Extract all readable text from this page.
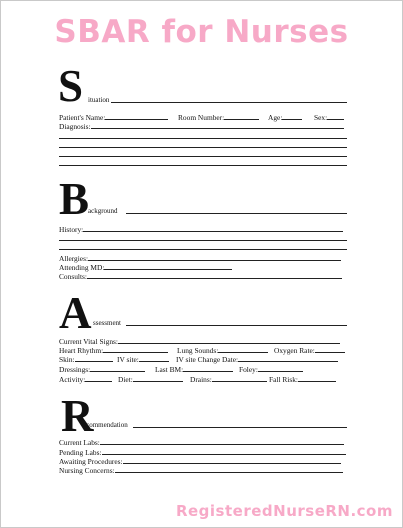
SBAR for Nurses
S ituation
Patient's Name:	Room Number:	Age:	Sex:
Diagnosis:
B
ackground
History:
Allergies:
Attending MD:
Consults:
A ssessment
Current Vital Signs:
Heart Rhythm:	Lung Sounds:	Oxygen Rate:
Skin:	IV site:	IV site Change Date:
Dressings:	Last BM:	Foley:
Activity:	Diet:	Drains:	Fall Risk:
R
ecommendation
Current Labs:
Pending Labs:
Awaiting Procedures:
Nursing Concerns:
RegisteredNurseRN.com
